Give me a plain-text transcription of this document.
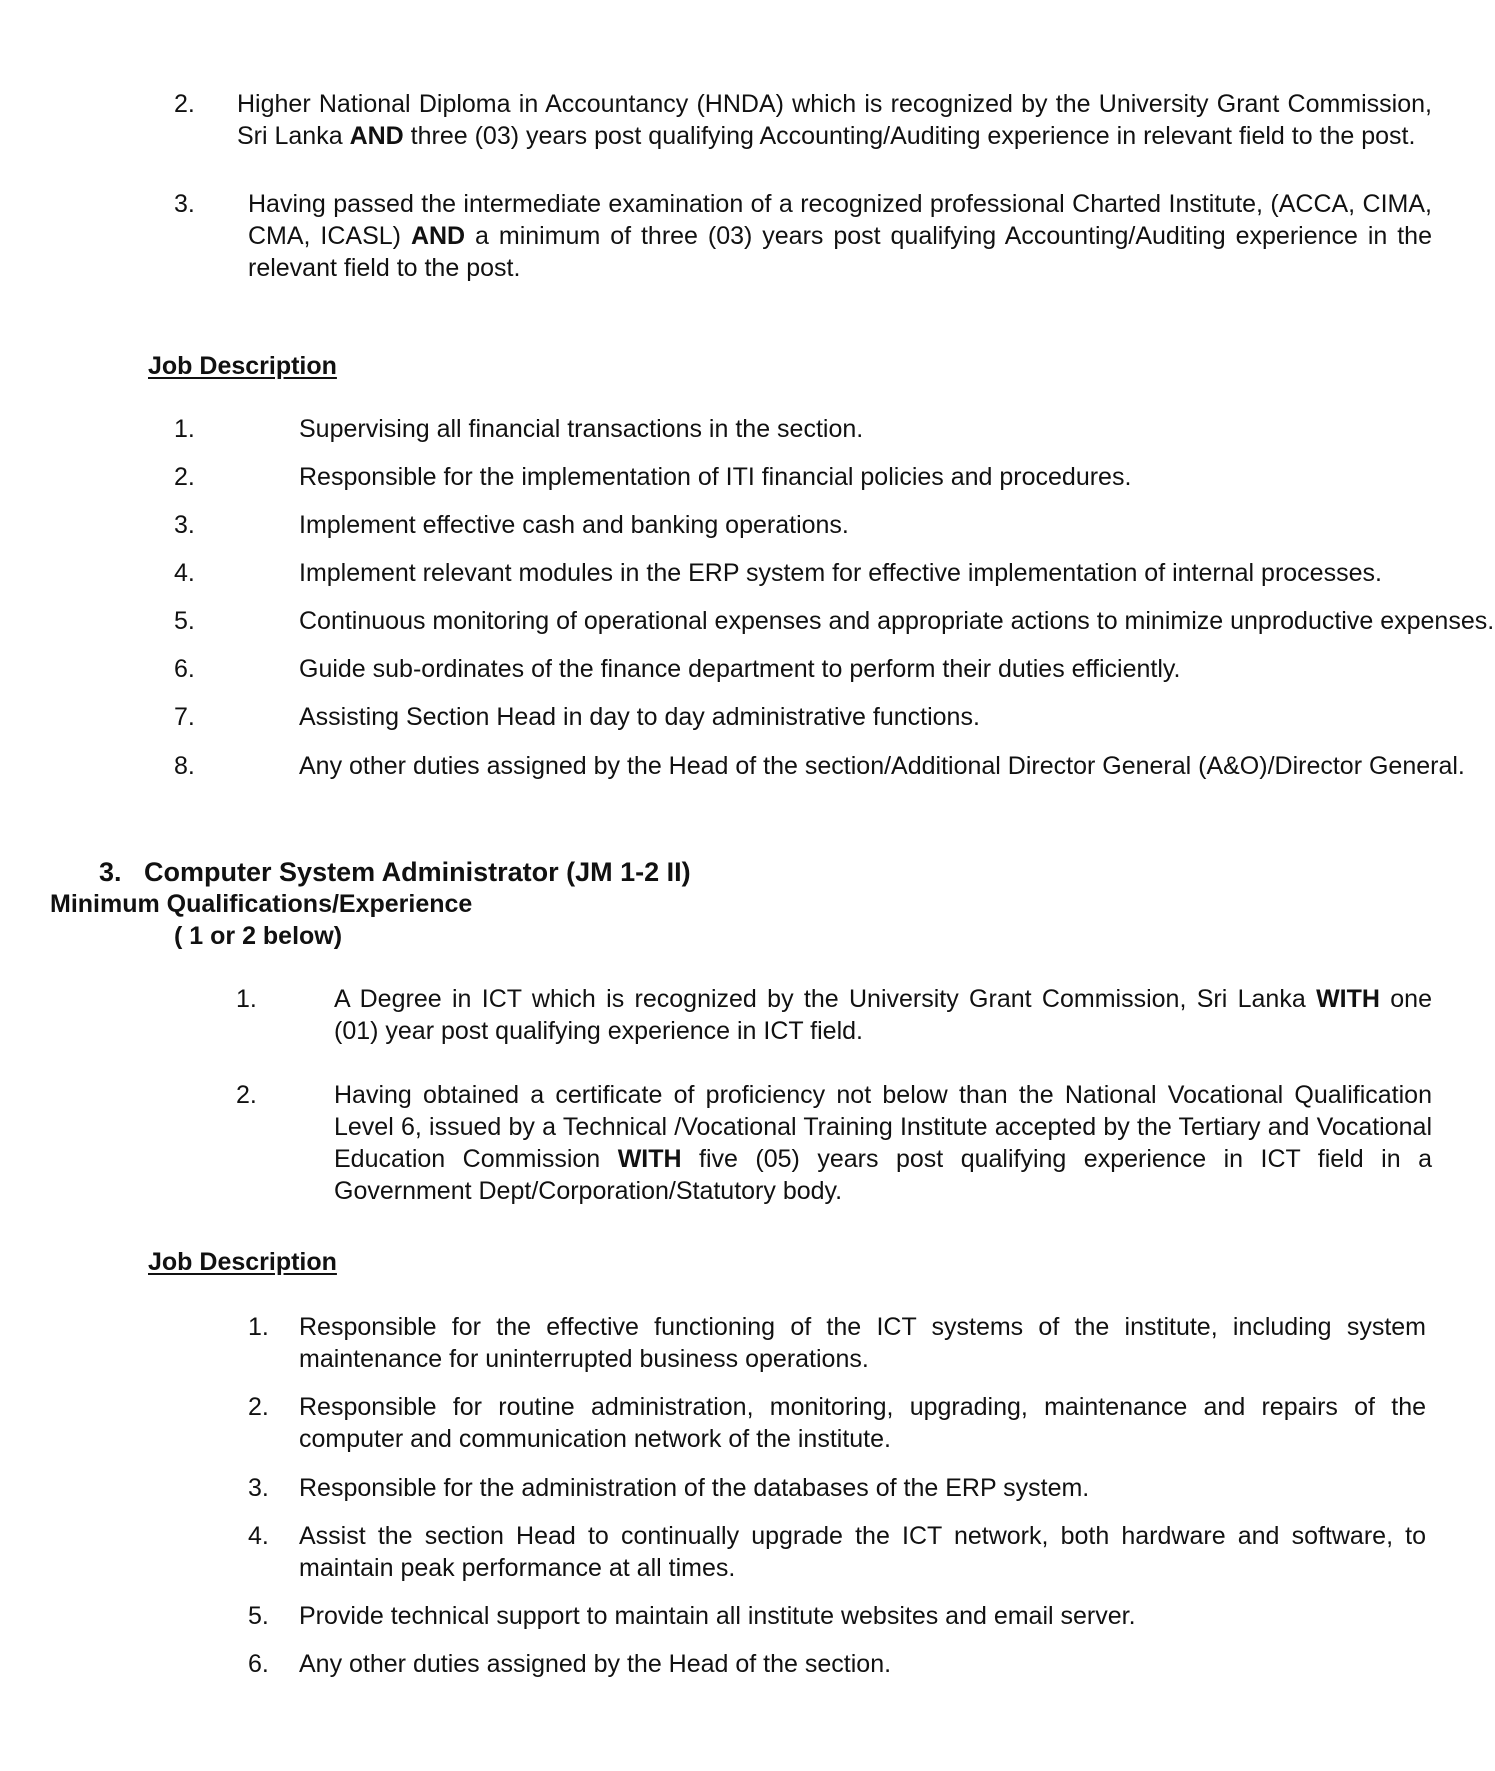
2. Higher National Diploma in Accountancy (HNDA) which is recognized by the University Grant Commission, Sri Lanka AND three (03) years post qualifying Accounting/Auditing experience in relevant field to the post.
3. Having passed the intermediate examination of a recognized professional Charted Institute, (ACCA, CIMA, CMA, ICASL) AND a minimum of three (03) years post qualifying Accounting/Auditing experience in the relevant field to the post.
Job Description
1.	Supervising all financial transactions in the section.
2.	Responsible for the implementation of ITI financial policies and procedures.
3.	Implement effective cash and banking operations.
4.	Implement relevant modules in the ERP system for effective implementation of internal processes.
5.	Continuous monitoring of operational expenses and appropriate actions to minimize unproductive expenses.
6.	Guide sub-ordinates of the finance department to perform their duties efficiently.
7.	Assisting Section Head in day to day administrative functions.
8.	Any other duties assigned by the Head of the section/Additional Director General (A&O)/Director General.
3. Computer System Administrator (JM 1-2 II)
Minimum Qualifications/Experience
( 1 or 2 below)
1.	A Degree in ICT which is recognized by the University Grant Commission, Sri Lanka WITH one (01) year post qualifying experience in ICT field.
2.	Having obtained a certificate of proficiency not below than the National Vocational Qualification Level 6, issued by a Technical /Vocational Training Institute accepted by the Tertiary and Vocational Education Commission WITH five (05) years post qualifying experience in ICT field in a Government Dept/Corporation/Statutory body.
Job Description
1. Responsible for the effective functioning of the ICT systems of the institute, including system maintenance for uninterrupted business operations.
2. Responsible for routine administration, monitoring, upgrading, maintenance and repairs of the computer and communication network of the institute.
3. Responsible for the administration of the databases of the ERP system.
4. Assist the section Head to continually upgrade the ICT network, both hardware and software, to maintain peak performance at all times.
5. Provide technical support to maintain all institute websites and email server.
6. Any other duties assigned by the Head of the section.
